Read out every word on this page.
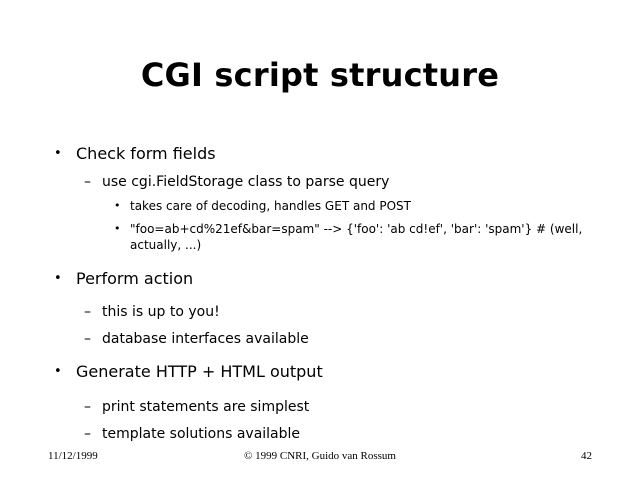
CGI script structure
• Check form fields
– use cgi.FieldStorage class to parse query
• takes care of decoding, handles GET and POST
• "foo=ab+cd%21ef&bar=spam" --> {'foo': 'ab cd!ef', 'bar': 'spam'} # (well, actually, ...)
• Perform action
– this is up to you!
– database interfaces available
• Generate HTTP + HTML output
– print statements are simplest
– template solutions available
11/12/1999	© 1999 CNRI, Guido van Rossum	42
